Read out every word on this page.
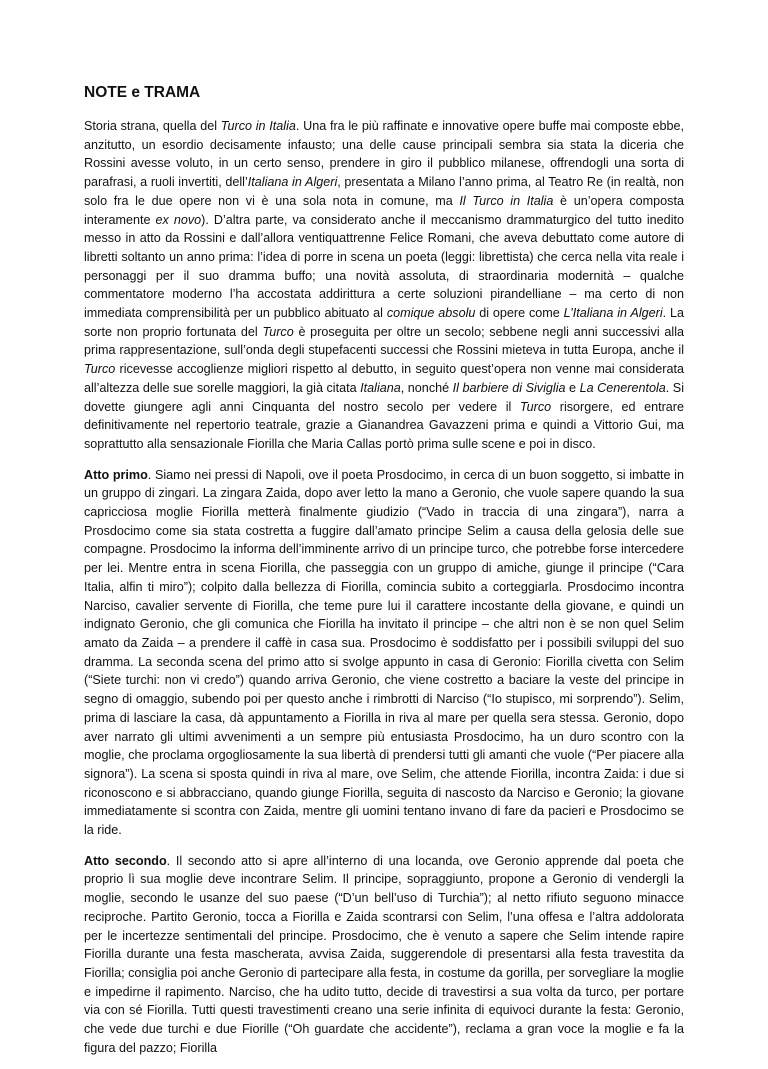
NOTE e TRAMA

Storia strana, quella del Turco in Italia. Una fra le più raffinate e innovative opere buffe mai composte ebbe, anzitutto, un esordio decisamente infausto; una delle cause principali sembra sia stata la diceria che Rossini avesse voluto, in un certo senso, prendere in giro il pubblico milanese, offrendogli una sorta di parafrasi, a ruoli invertiti, dell’Italiana in Algeri, presentata a Milano l’anno prima, al Teatro Re (in realtà, non solo fra le due opere non vi è una sola nota in comune, ma Il Turco in Italia è un’opera composta interamente ex novo). D’altra parte, va considerato anche il meccanismo drammaturgico del tutto inedito messo in atto da Rossini e dall’allora ventiquattrenne Felice Romani, che aveva debuttato come autore di libretti soltanto un anno prima: l’idea di porre in scena un poeta (leggi: librettista) che cerca nella vita reale i personaggi per il suo dramma buffo; una novità assoluta, di straordinaria modernità – qualche commentatore moderno l’ha accostata addirittura a certe soluzioni pirandelliane – ma certo di non immediata comprensibilità per un pubblico abituato al comique absolu di opere come L’Italiana in Algeri. La sorte non proprio fortunata del Turco è proseguita per oltre un secolo; sebbene negli anni successivi alla prima rappresentazione, sull’onda degli stupefacenti successi che Rossini mieteva in tutta Europa, anche il Turco ricevesse accoglienze migliori rispetto al debutto, in seguito quest’opera non venne mai considerata all’altezza delle sue sorelle maggiori, la già citata Italiana, nonché Il barbiere di Siviglia e La Cenerentola. Si dovette giungere agli anni Cinquanta del nostro secolo per vedere il Turco risorgere, ed entrare definitivamente nel repertorio teatrale, grazie a Gianandrea Gavazzeni prima e quindi a Vittorio Gui, ma soprattutto alla sensazionale Fiorilla che Maria Callas portò prima sulle scene e poi in disco.

Atto primo. Siamo nei pressi di Napoli, ove il poeta Prosdocimo, in cerca di un buon soggetto, si imbatte in un gruppo di zingari. La zingara Zaida, dopo aver letto la mano a Geronio, che vuole sapere quando la sua capricciosa moglie Fiorilla metterà finalmente giudizio (“Vado in traccia di una zingara”), narra a Prosdocimo come sia stata costretta a fuggire dall’amato principe Selim a causa della gelosia delle sue compagne. Prosdocimo la informa dell’imminente arrivo di un principe turco, che potrebbe forse intercedere per lei. Mentre entra in scena Fiorilla, che passeggia con un gruppo di amiche, giunge il principe (“Cara Italia, alfin ti miro”); colpito dalla bellezza di Fiorilla, comincia subito a corteggiarla. Prosdocimo incontra Narciso, cavalier servente di Fiorilla, che teme pure lui il carattere incostante della giovane, e quindi un indignato Geronio, che gli comunica che Fiorilla ha invitato il principe – che altri non è se non quel Selim amato da Zaida – a prendere il caffè in casa sua. Prosdocimo è soddisfatto per i possibili sviluppi del suo dramma. La seconda scena del primo atto si svolge appunto in casa di Geronio: Fiorilla civetta con Selim (“Siete turchi: non vi credo”) quando arriva Geronio, che viene costretto a baciare la veste del principe in segno di omaggio, subendo poi per questo anche i rimbrotti di Narciso (“Io stupisco, mi sorprendo”). Selim, prima di lasciare la casa, dà appuntamento a Fiorilla in riva al mare per quella sera stessa. Geronio, dopo aver narrato gli ultimi avvenimenti a un sempre più entusiasta Prosdocimo, ha un duro scontro con la moglie, che proclama orgogliosamente la sua libertà di prendersi tutti gli amanti che vuole (“Per piacere alla signora”). La scena si sposta quindi in riva al mare, ove Selim, che attende Fiorilla, incontra Zaida: i due si riconoscono e si abbracciano, quando giunge Fiorilla, seguita di nascosto da Narciso e Geronio; la giovane immediatamente si scontra con Zaida, mentre gli uomini tentano invano di fare da pacieri e Prosdocimo se la ride.

Atto secondo. Il secondo atto si apre all’interno di una locanda, ove Geronio apprende dal poeta che proprio lì sua moglie deve incontrare Selim. Il principe, sopraggiunto, propone a Geronio di vendergli la moglie, secondo le usanze del suo paese (“D’un bell’uso di Turchia”); al netto rifiuto seguono minacce reciproche. Partito Geronio, tocca a Fiorilla e Zaida scontrarsi con Selim, l’una offesa e l’altra addolorata per le incertezze sentimentali del principe. Prosdocimo, che è venuto a sapere che Selim intende rapire Fiorilla durante una festa mascherata, avvisa Zaida, suggerendole di presentarsi alla festa travestita da Fiorilla; consiglia poi anche Geronio di partecipare alla festa, in costume da gorilla, per sorvegliare la moglie e impedirne il rapimento. Narciso, che ha udito tutto, decide di travestirsi a sua volta da turco, per portare via con sé Fiorilla. Tutti questi travestimenti creano una serie infinita di equivoci durante la festa: Geronio, che vede due turchi e due Fiorille (“Oh guardate che accidente”), reclama a gran voce la moglie e fa la figura del pazzo; Fiorilla
